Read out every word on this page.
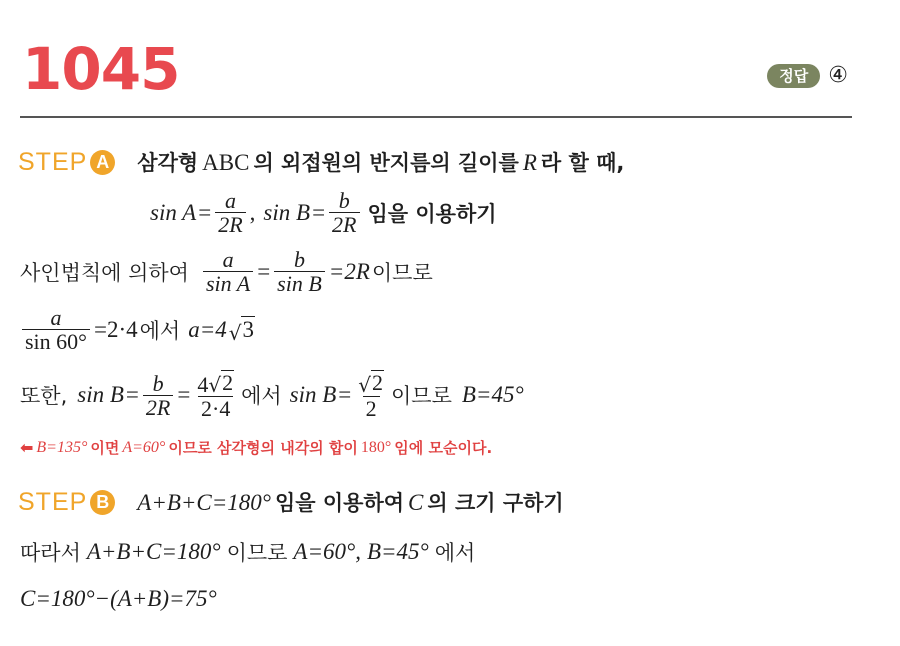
1045	정답 ④
STEP A 삼각형 ABC 의 외접원의 반지름의 길이를 R 라 할 때,
$\sin A = \frac{a}{2R}$ , $\sin B = \frac{b}{2R}$ 임을 이용하기
사인법칙에 의하여 $\frac{a}{\text{sin A}} = \frac{b}{\text{sin B}} =2R$ 이므로
$\frac{a}{\sin 60^\circ} =2\cdot 4$ 에서 a=4 √ 3
또한, $\sin B = \frac{b}{2R} = \frac{4 √ 2}{2\cdot 4}$ 에서 $\sin B = \frac{√ 2}{2}$ 이므로 B=45°
⬅ B=135° 이면 A=60° 이므로 삼각형의 내각의 합이 180° 임에 모순이다.
STEP B A+B+C=180° 임을 이용하여 C 의 크기 구하기
따라서 A+B+C=180° 이므로 A=60°, B=45° 에서
C=180°−(A+B)=75°
